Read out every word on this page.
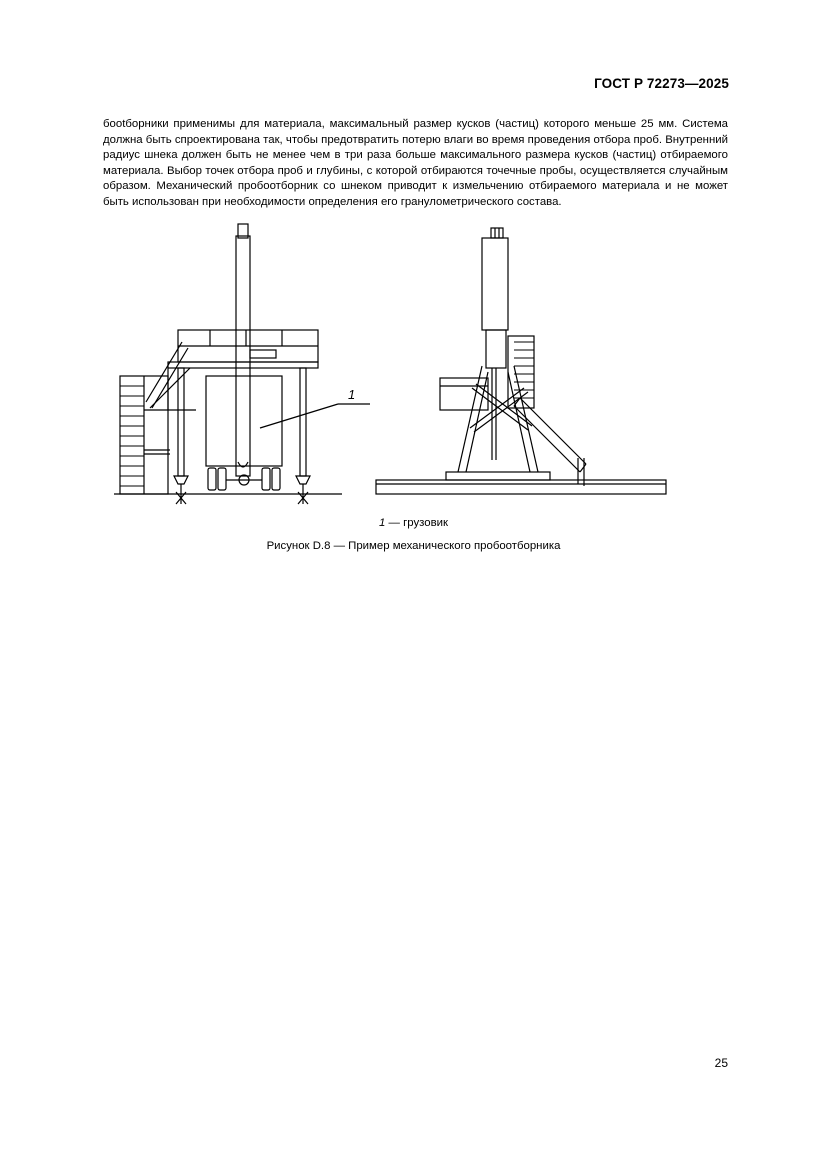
ГОСТ Р 72273—2025

бootборники применимы для материала, максимальный размер кусков (частиц) которого меньше 25 мм. Система должна быть спроектирована так, чтобы предотвратить потерю влаги во время проведения отбора проб. Внутренний радиус шнека должен быть не менее чем в три раза больше максимального размера кусков (частиц) отбираемого материала. Выбор точек отбора проб и глубины, с которой отбираются точечные пробы, осуществляется случайным образом. Механический пробоотборник со шнеком приводит к измельчению отбираемого материала и не может быть использован при необходимости определения его гранулометрического состава.

1
1 — грузовик
Рисунок D.8 — Пример механического пробоотборника
25
